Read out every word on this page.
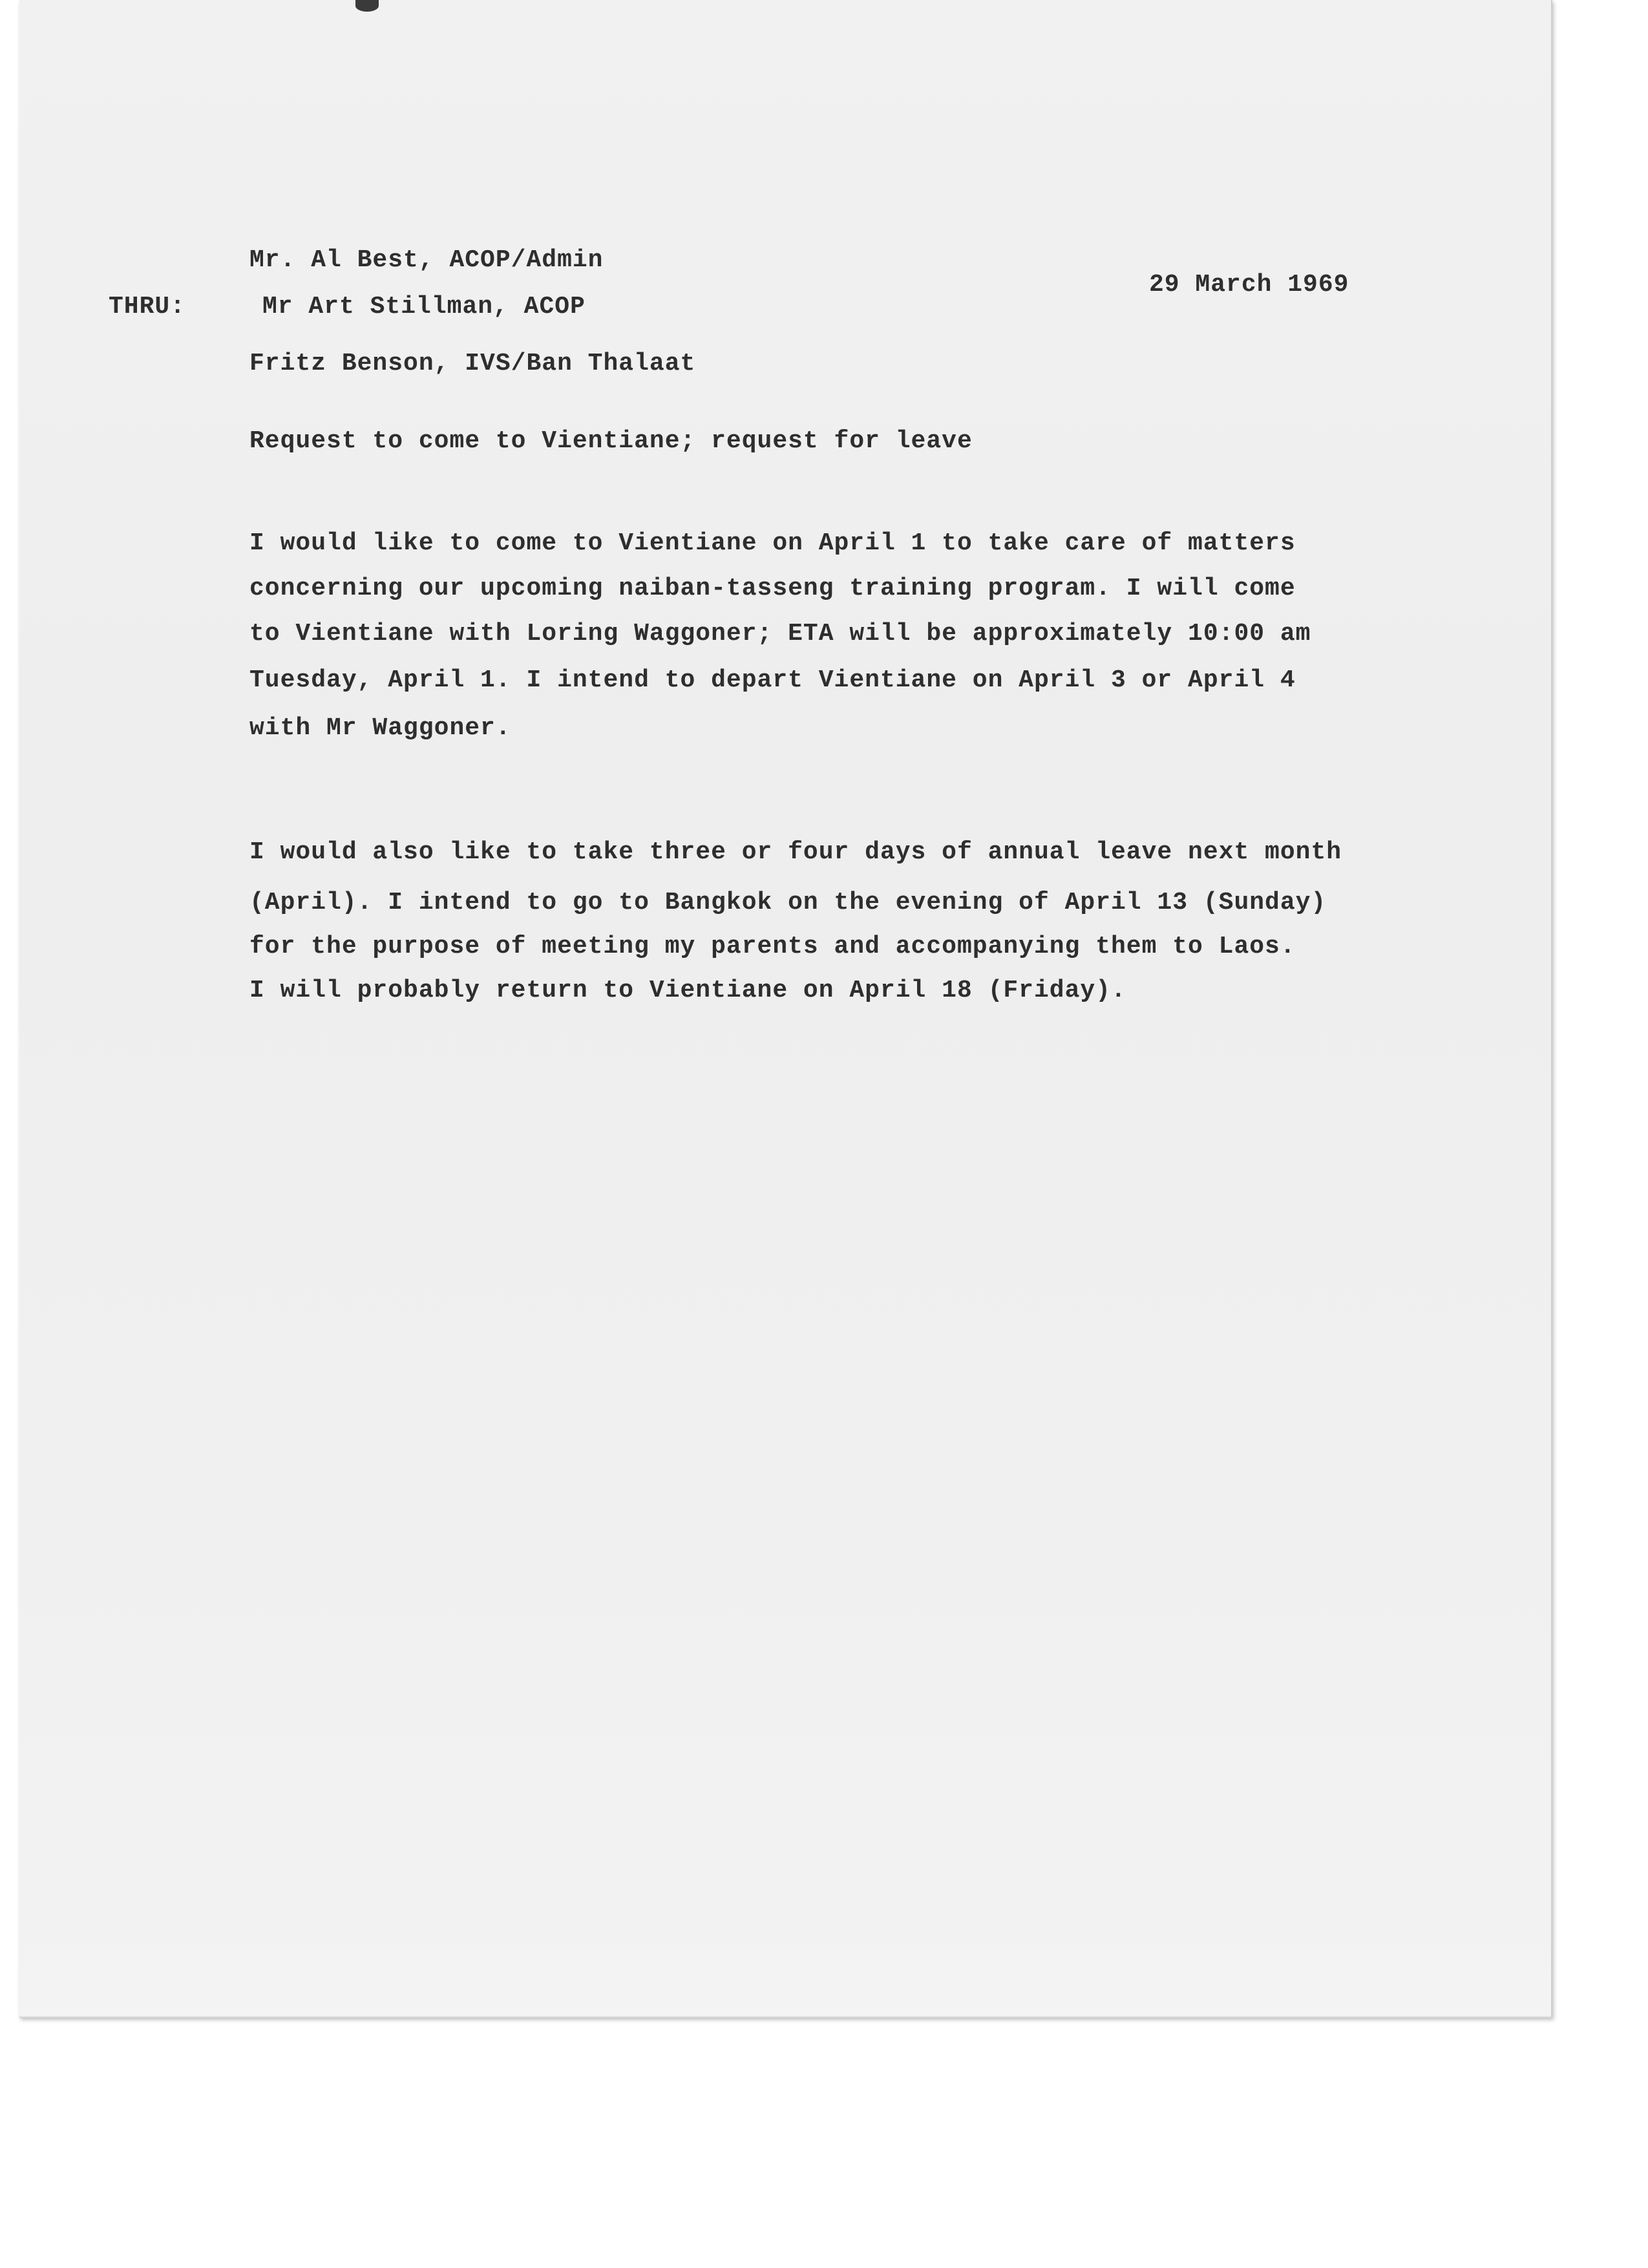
Mr. Al Best, ACOP/Admin
THRU:	Mr Art Stillman, ACOP
29 March 1969
Fritz Benson, IVS/Ban Thalaat
Request to come to Vientiane; request for leave
I would like to come to Vientiane on April 1 to take care of matters
concerning our upcoming naiban-tasseng training program. I will come
to Vientiane with Loring Waggoner; ETA will be approximately 10:00 am
Tuesday, April 1. I intend to depart Vientiane on April 3 or April 4
with Mr Waggoner.
I would also like to take three or four days of annual leave next month
(April). I intend to go to Bangkok on the evening of April 13 (Sunday)
for the purpose of meeting my parents and accompanying them to Laos.
I will probably return to Vientiane on April 18 (Friday).
